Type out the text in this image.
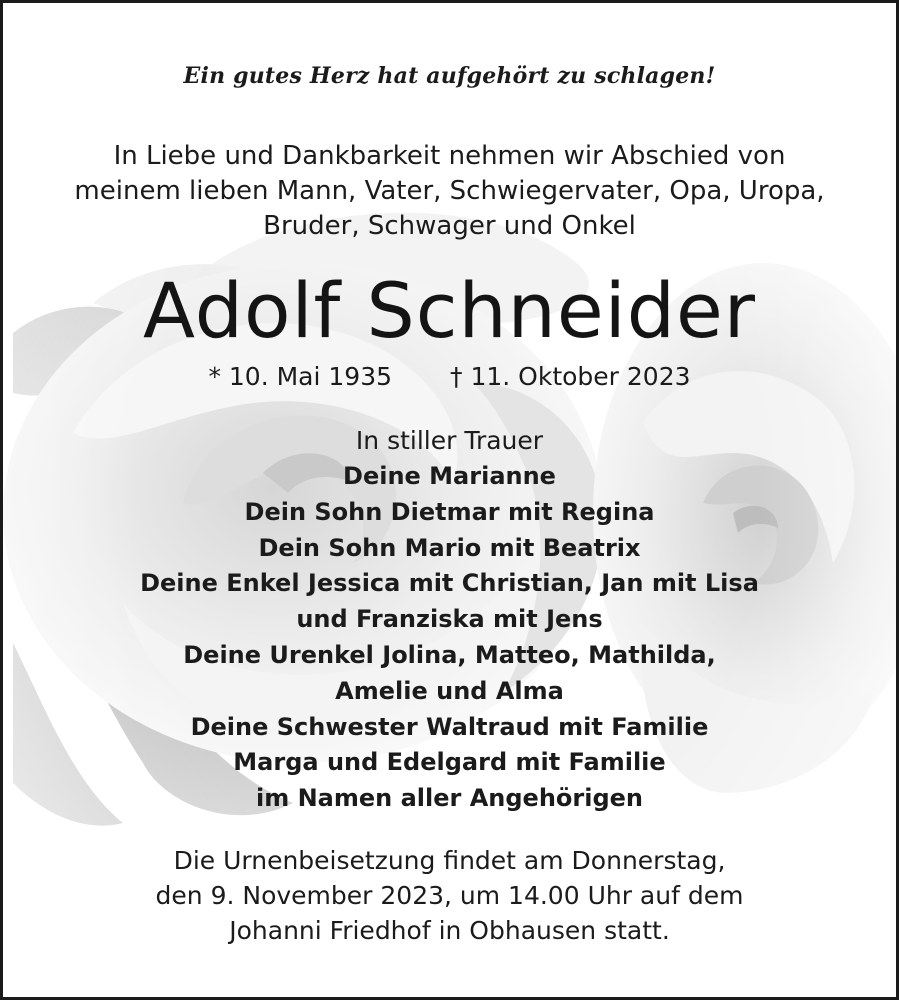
Ein gutes Herz hat aufgehört zu schlagen!
In Liebe und Dankbarkeit nehmen wir Abschied von
meinem lieben Mann, Vater, Schwiegervater, Opa, Uropa,
Bruder, Schwager und Onkel
Adolf Schneider
* 10. Mai 1935 † 11. Oktober 2023
In stiller Trauer
Deine Marianne
Dein Sohn Dietmar mit Regina
Dein Sohn Mario mit Beatrix
Deine Enkel Jessica mit Christian, Jan mit Lisa
und Franziska mit Jens
Deine Urenkel Jolina, Matteo, Mathilda,
Amelie und Alma
Deine Schwester Waltraud mit Familie
Marga und Edelgard mit Familie
im Namen aller Angehörigen
Die Urnenbeisetzung findet am Donnerstag,
den 9. November 2023, um 14.00 Uhr auf dem
Johanni Friedhof in Obhausen statt.
